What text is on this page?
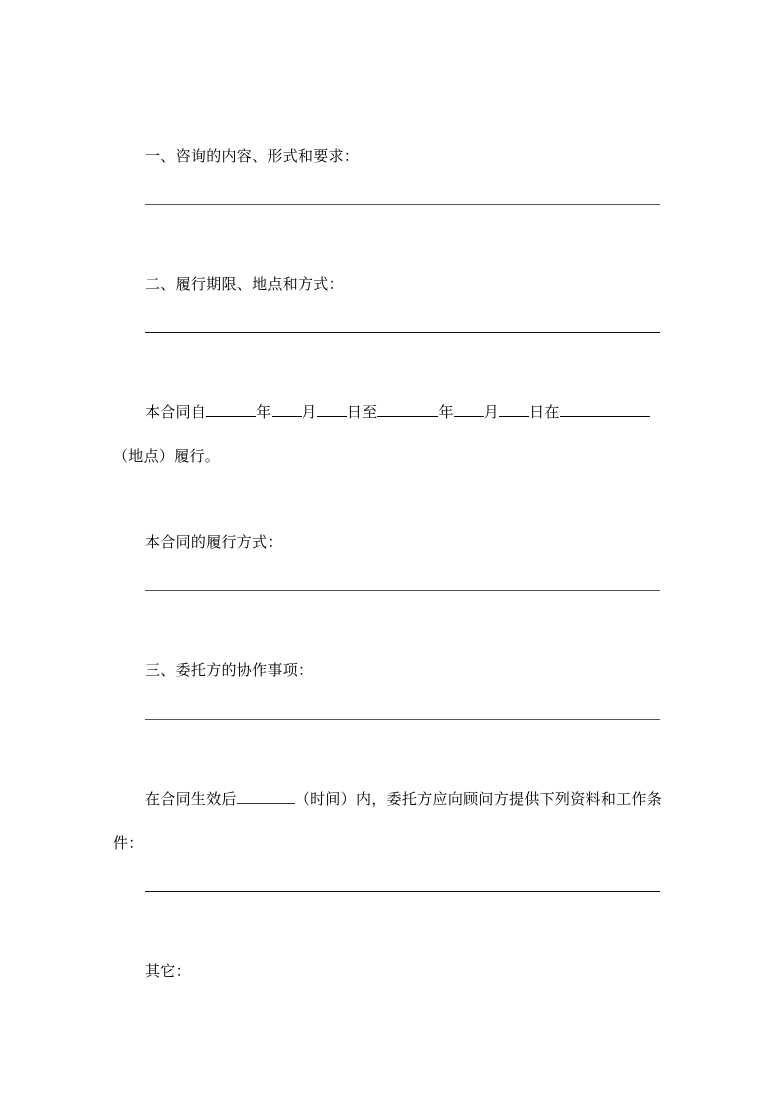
一、咨询的内容、形式和要求：
二、履行期限、地点和方式：
本合同自	年 月 日至	年 月 日在
（地点）履行。
本合同的履行方式：
三、委托方的协作事项：
在合同生效后	（时间）内，委托方应向顾问方提供下列资料和工作条
件：
其它：
